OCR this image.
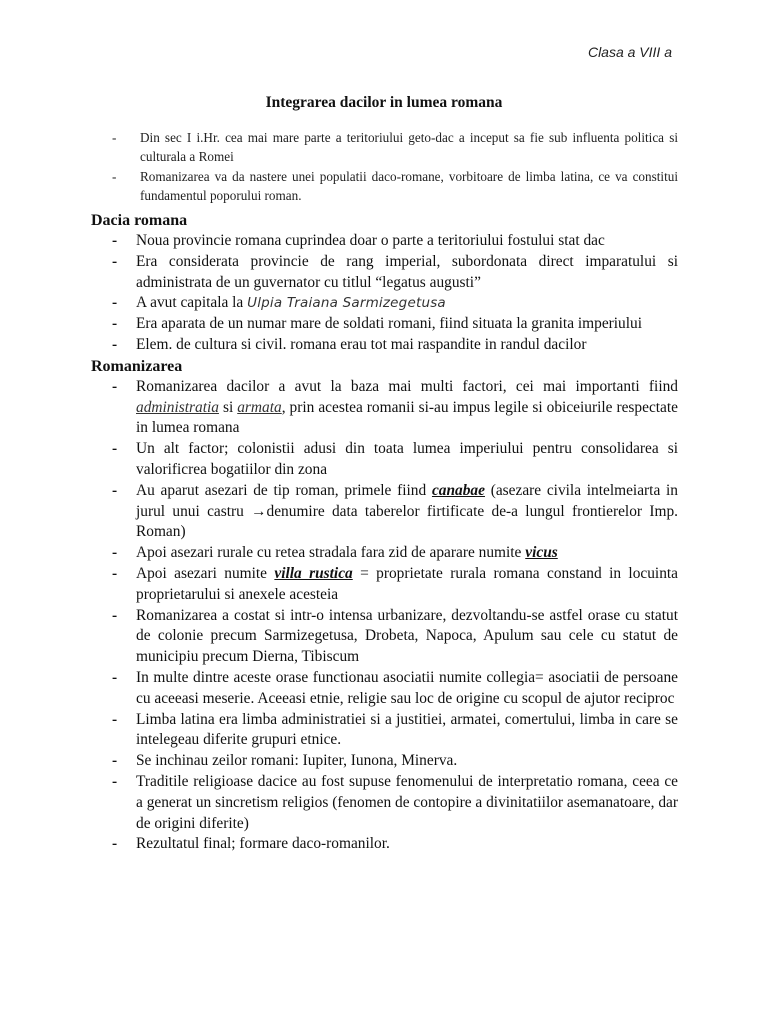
Clasa a VIII a
Integrarea dacilor in lumea romana
- Din sec I i.Hr. cea mai mare parte a teritoriului geto-dac a inceput sa fie sub influenta politica si culturala a Romei
- Romanizarea va da nastere unei populatii daco-romane, vorbitoare de limba latina, ce va constitui fundamentul poporului roman.
Dacia romana
- Noua provincie romana cuprindea doar o parte a teritoriului fostului stat dac
- Era considerata provincie de rang imperial, subordonata direct imparatului si administrata de un guvernator cu titlul “legatus augusti”
- A avut capitala la Ulpia Traiana Sarmizegetusa
- Era aparata de un numar mare de soldati romani, fiind situata la granita imperiului
- Elem. de cultura si civil. romana erau tot mai raspandite in randul dacilor
Romanizarea
- Romanizarea dacilor a avut la baza mai multi factori, cei mai importanti fiind administratia si armata, prin acestea romanii si-au impus legile si obiceiurile respectate in lumea romana
- Un alt factor; colonistii adusi din toata lumea imperiului pentru consolidarea si valorificrea bogatiilor din zona
- Au aparut asezari de tip roman, primele fiind canabae (asezare civila intelmeiarta in jurul unui castru →denumire data taberelor firtificate de-a lungul frontierelor Imp. Roman)
- Apoi asezari rurale cu retea stradala fara zid de aparare numite vicus
- Apoi asezari numite villa rustica = proprietate rurala romana constand in locuinta proprietarului si anexele acesteia
- Romanizarea a costat si intr-o intensa urbanizare, dezvoltandu-se astfel orase cu statut de colonie precum Sarmizegetusa, Drobeta, Napoca, Apulum sau cele cu statut de municipiu precum Dierna, Tibiscum
- In multe dintre aceste orase functionau asociatii numite collegia= asociatii de persoane cu aceeasi meserie. Aceeasi etnie, religie sau loc de origine cu scopul de ajutor reciproc
- Limba latina era limba administratiei si a justitiei, armatei, comertului, limba in care se intelegeau diferite grupuri etnice.
- Se inchinau zeilor romani: Iupiter, Iunona, Minerva.
- Traditile religioase dacice au fost supuse fenomenului de interpretatio romana, ceea ce a generat un sincretism religios (fenomen de contopire a divinitatiilor asemanatoare, dar de origini diferite)
- Rezultatul final; formare daco-romanilor.
